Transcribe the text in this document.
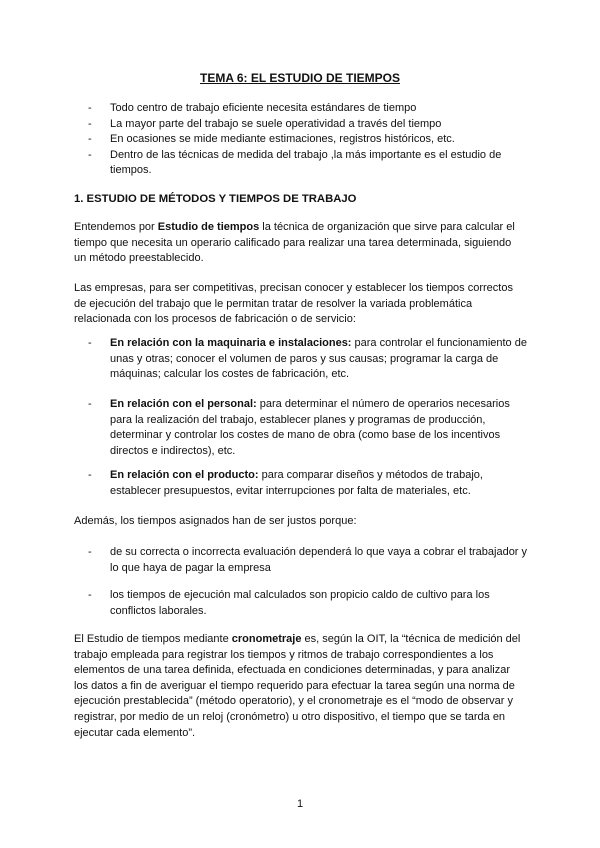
TEMA 6: EL ESTUDIO DE TIEMPOS
- Todo centro de trabajo eficiente necesita estándares de tiempo
- La mayor parte del trabajo se suele operatividad a través del tiempo
- En ocasiones se mide mediante estimaciones, registros históricos, etc.
- Dentro de las técnicas de medida del trabajo ,la más importante es el estudio de tiempos.
1. ESTUDIO DE MÉTODOS Y TIEMPOS DE TRABAJO

Entendemos por Estudio de tiempos la técnica de organización que sirve para calcular el tiempo que necesita un operario calificado para realizar una tarea determinada, siguiendo un método preestablecido.

Las empresas, para ser competitivas, precisan conocer y establecer los tiempos correctos de ejecución del trabajo que le permitan tratar de resolver la variada problemática relacionada con los procesos de fabricación o de servicio:

- En relación con la maquinaria e instalaciones: para controlar el funcionamiento de unas y otras; conocer el volumen de paros y sus causas; programar la carga de máquinas; calcular los costes de fabricación, etc.
- En relación con el personal: para determinar el número de operarios necesarios para la realización del trabajo, establecer planes y programas de producción, determinar y controlar los costes de mano de obra (como base de los incentivos directos e indirectos), etc.
- En relación con el producto: para comparar diseños y métodos de trabajo, establecer presupuestos, evitar interrupciones por falta de materiales, etc.

Además, los tiempos asignados han de ser justos porque:

- de su correcta o incorrecta evaluación dependerá lo que vaya a cobrar el trabajador y lo que haya de pagar la empresa
- los tiempos de ejecución mal calculados son propicio caldo de cultivo para los conflictos laborales.

El Estudio de tiempos mediante cronometraje es, según la OIT, la “técnica de medición del trabajo empleada para registrar los tiempos y ritmos de trabajo correspondientes a los elementos de una tarea definida, efectuada en condiciones determinadas, y para analizar los datos a fin de averiguar el tiempo requerido para efectuar la tarea según una norma de ejecución prestablecida” (método operatorio), y el cronometraje es el “modo de observar y registrar, por medio de un reloj (cronómetro) u otro dispositivo, el tiempo que se tarda en ejecutar cada elemento”.

1
